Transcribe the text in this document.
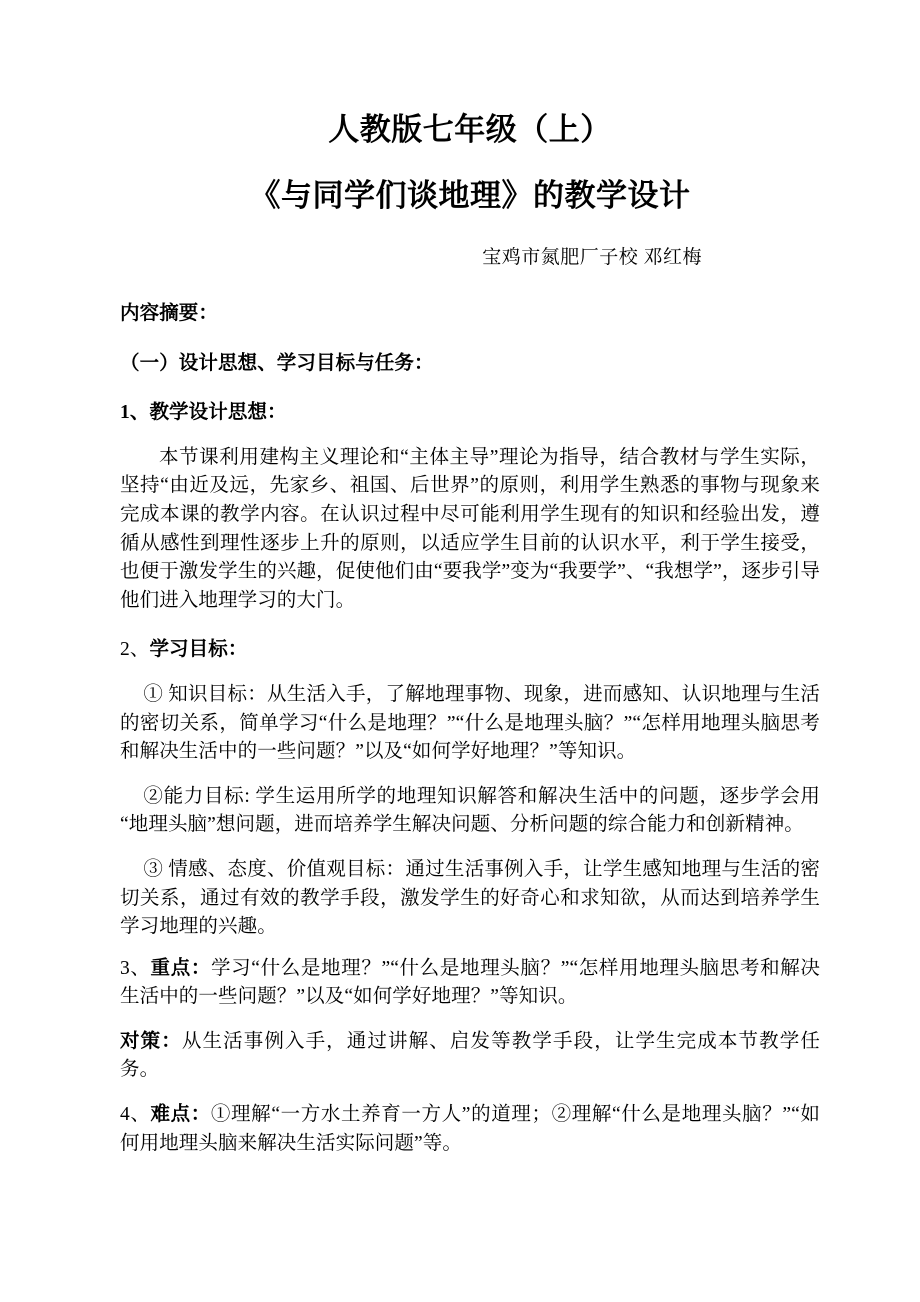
人教版七年级（上）
《与同学们谈地理》的教学设计
宝鸡市氮肥厂子校 邓红梅
内容摘要：
（一）设计思想、学习目标与任务：
1、教学设计思想：
本节课利用建构主义理论和“主体主导”理论为指导，结合教材与学生实际，坚持“由近及远，先家乡、祖国、后世界”的原则，利用学生熟悉的事物与现象来完成本课的教学内容。在认识过程中尽可能利用学生现有的知识和经验出发，遵循从感性到理性逐步上升的原则，以适应学生目前的认识水平，利于学生接受，也便于激发学生的兴趣，促使他们由“要我学”变为“我要学”、“我想学”，逐步引导他们进入地理学习的大门。
2、学习目标：
① 知识目标：从生活入手，了解地理事物、现象，进而感知、认识地理与生活的密切关系，简单学习“什么是地理？”“什么是地理头脑？”“怎样用地理头脑思考和解决生活中的一些问题？”以及“如何学好地理？”等知识。
②能力目标: 学生运用所学的地理知识解答和解决生活中的问题，逐步学会用“地理头脑”想问题，进而培养学生解决问题、分析问题的综合能力和创新精神。
③ 情感、态度、价值观目标：通过生活事例入手，让学生感知地理与生活的密切关系，通过有效的教学手段，激发学生的好奇心和求知欲，从而达到培养学生学习地理的兴趣。
3、重点：学习“什么是地理？”“什么是地理头脑？”“怎样用地理头脑思考和解决生活中的一些问题？”以及“如何学好地理？”等知识。
对策：从生活事例入手，通过讲解、启发等教学手段，让学生完成本节教学任务。
4、难点：①理解“一方水土养育一方人”的道理；②理解“什么是地理头脑？”“如何用地理头脑来解决生活实际问题”等。
